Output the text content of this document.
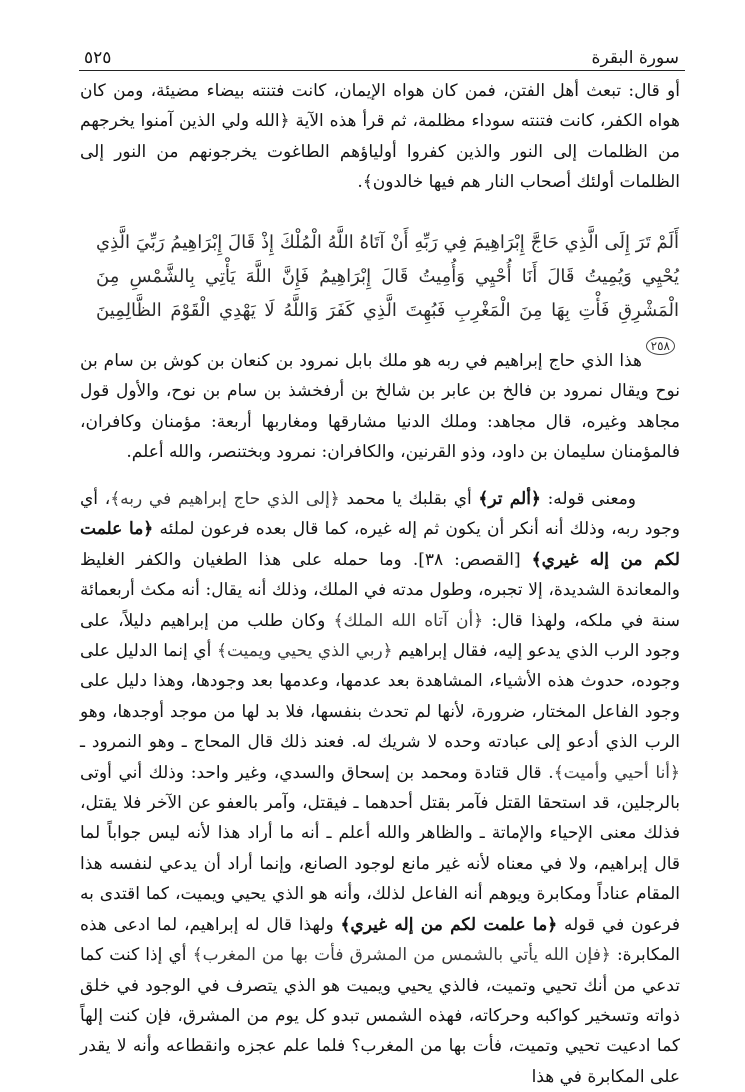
٥٢٥	سورة البقرة

أو قال: تبعث أهل الفتن، فمن كان هواه الإيمان، كانت فتنته بيضاء مضيئة، ومن كان هواه الكفر، كانت فتنته سوداء مظلمة، ثم قرأ هذه الآية ﴿الله ولي الذين آمنوا يخرجهم من الظلمات إلى النور والذين كفروا أولياؤهم الطاغوت يخرجونهم من النور إلى الظلمات أولئك أصحاب النار هم فيها خالدون﴾.

أَلَمْ تَرَ إِلَى الَّذِي حَاجَّ إِبْرَاهِيمَ فِي رَبِّهِ أَنْ آتَاهُ اللَّهُ الْمُلْكَ إِذْ قَالَ إِبْرَاهِيمُ رَبِّيَ الَّذِي يُحْيِي وَيُمِيتُ قَالَ أَنَا أُحْيِي وَأُمِيتُ قَالَ إِبْرَاهِيمُ فَإِنَّ اللَّهَ يَأْتِي بِالشَّمْسِ مِنَ الْمَشْرِقِ فَأْتِ بِهَا مِنَ الْمَغْرِبِ فَبُهِتَ الَّذِي كَفَرَ وَاللَّهُ لَا يَهْدِي الْقَوْمَ الظَّالِمِينَ ٢٥٨

هذا الذي حاج إبراهيم في ربه هو ملك بابل نمرود بن كنعان بن كوش بن سام بن نوح ويقال نمرود بن فالخ بن عابر بن شالخ بن أرفخشذ بن سام بن نوح، والأول قول مجاهد وغيره، قال مجاهد: وملك الدنيا مشارقها ومغاربها أربعة: مؤمنان وكافران، فالمؤمنان سليمان بن داود، وذو القرنين، والكافران: نمرود وبختنصر، والله أعلم.

ومعنى قوله: ﴿ألم تر﴾ أي بقلبك يا محمد ﴿إلى الذي حاج إبراهيم في ربه﴾، أي وجود ربه، وذلك أنه أنكر أن يكون ثم إله غيره، كما قال بعده فرعون لملئه ﴿ما علمت لكم من إله غيري﴾ [القصص: ٣٨]. وما حمله على هذا الطغيان والكفر الغليظ والمعاندة الشديدة، إلا تجبره، وطول مدته في الملك، وذلك أنه يقال: أنه مكث أربعمائة سنة في ملكه، ولهذا قال: ﴿أن آتاه الله الملك﴾ وكان طلب من إبراهيم دليلاً، على وجود الرب الذي يدعو إليه، فقال إبراهيم ﴿ربي الذي يحيي ويميت﴾ أي إنما الدليل على وجوده، حدوث هذه الأشياء، المشاهدة بعد عدمها، وعدمها بعد وجودها، وهذا دليل على وجود الفاعل المختار، ضرورة، لأنها لم تحدث بنفسها، فلا بد لها من موجد أوجدها، وهو الرب الذي أدعو إلى عبادته وحده لا شريك له. فعند ذلك قال المحاج ـ وهو النمرود ـ ﴿أنا أحيي وأميت﴾. قال قتادة ومحمد بن إسحاق والسدي، وغير واحد: وذلك أني أوتى بالرجلين، قد استحقا القتل فآمر بقتل أحدهما ـ فيقتل، وآمر بالعفو عن الآخر فلا يقتل، فذلك معنى الإحياء والإماتة ـ والظاهر والله أعلم ـ أنه ما أراد هذا لأنه ليس جواباً لما قال إبراهيم، ولا في معناه لأنه غير مانع لوجود الصانع، وإنما أراد أن يدعي لنفسه هذا المقام عناداً ومكابرة ويوهم أنه الفاعل لذلك، وأنه هو الذي يحيي ويميت، كما اقتدى به فرعون في قوله ﴿ما علمت لكم من إله غيري﴾ ولهذا قال له إبراهيم، لما ادعى هذه المكابرة: ﴿فإن الله يأتي بالشمس من المشرق فأت بها من المغرب﴾ أي إذا كنت كما تدعي من أنك تحيي وتميت، فالذي يحيي ويميت هو الذي يتصرف في الوجود في خلق ذواته وتسخير كواكبه وحركاته، فهذه الشمس تبدو كل يوم من المشرق، فإن كنت إلهاً كما ادعيت تحيي وتميت، فأت بها من المغرب؟ فلما علم عجزه وانقطاعه وأنه لا يقدر على المكابرة في هذا
